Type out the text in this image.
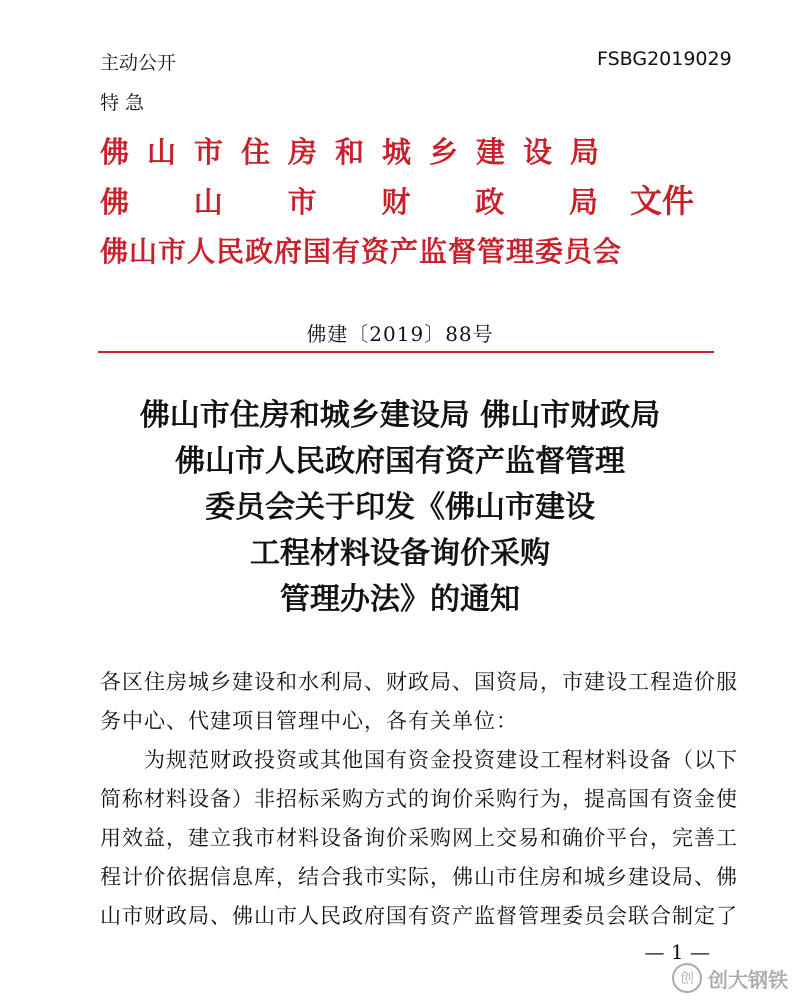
主动公开
特 急
FSBG2019029
佛山市住房和城乡建设局
佛 山 市 财 政 局 文件
佛山市人民政府国有资产监督管理委员会
佛建〔2019〕88号
佛山市住房和城乡建设局 佛山市财政局
佛山市人民政府国有资产监督管理
委员会关于印发《佛山市建设
工程材料设备询价采购
管理办法》的通知
各区住房城乡建设和水利局、财政局、国资局，市建设工程造价服
务中心、代建项目管理中心，各有关单位：
　　为规范财政投资或其他国有资金投资建设工程材料设备（以下
简称材料设备）非招标采购方式的询价采购行为，提高国有资金使
用效益，建立我市材料设备询价采购网上交易和确价平台，完善工
程计价依据信息库，结合我市实际，佛山市住房和城乡建设局、佛
山市财政局、佛山市人民政府国有资产监督管理委员会联合制定了
— 1 —
创 创大钢铁
